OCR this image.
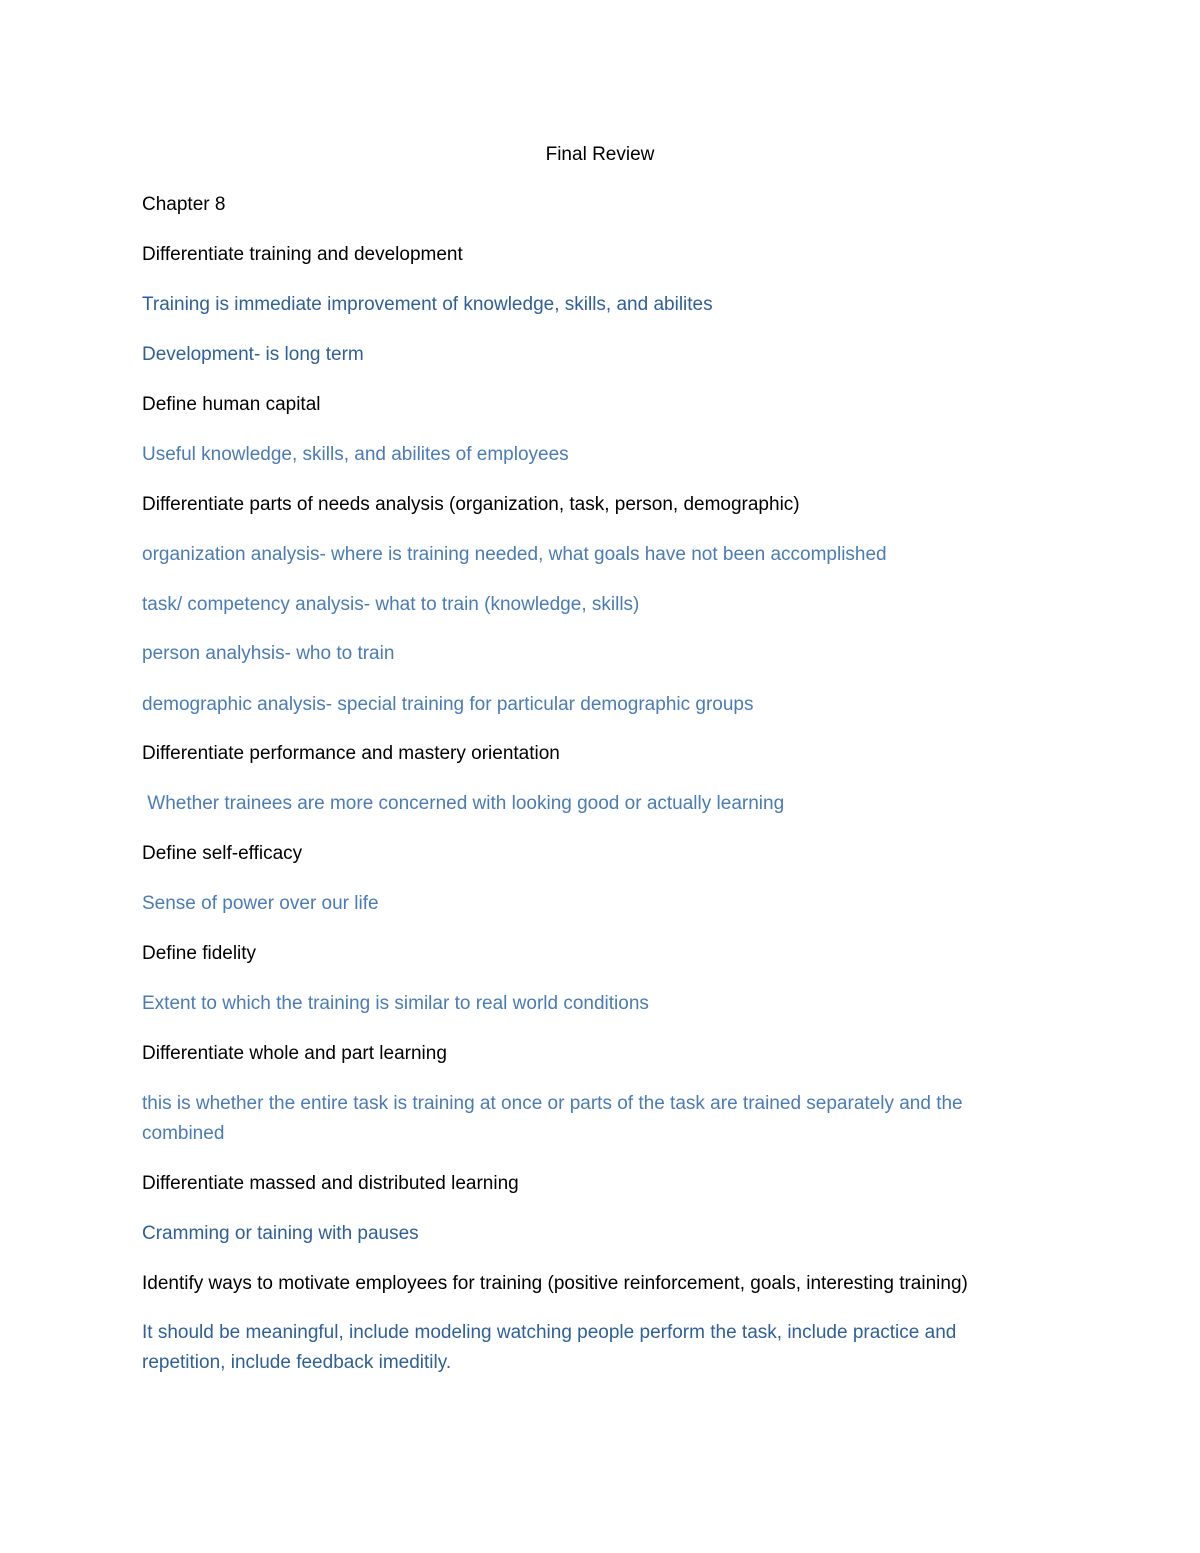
Final Review
Chapter 8
Differentiate training and development
Training is immediate improvement of knowledge, skills, and abilites
Development- is long term
Define human capital
Useful knowledge, skills, and abilites of employees
Differentiate parts of needs analysis (organization, task, person, demographic)
organization analysis- where is training needed, what goals have not been accomplished
task/ competency analysis- what to train (knowledge, skills)
person analyhsis- who to train
demographic analysis- special training for particular demographic groups
Differentiate performance and mastery orientation
Whether trainees are more concerned with looking good or actually learning
Define self-efficacy
Sense of power over our life
Define fidelity
Extent to which the training is similar to real world conditions
Differentiate whole and part learning
this is whether the entire task is training at once or parts of the task are trained separately and the combined
Differentiate massed and distributed learning
Cramming or taining with pauses
Identify ways to motivate employees for training (positive reinforcement, goals, interesting training)
It should be meaningful, include modeling watching people perform the task, include practice and repetition, include feedback imeditily.
